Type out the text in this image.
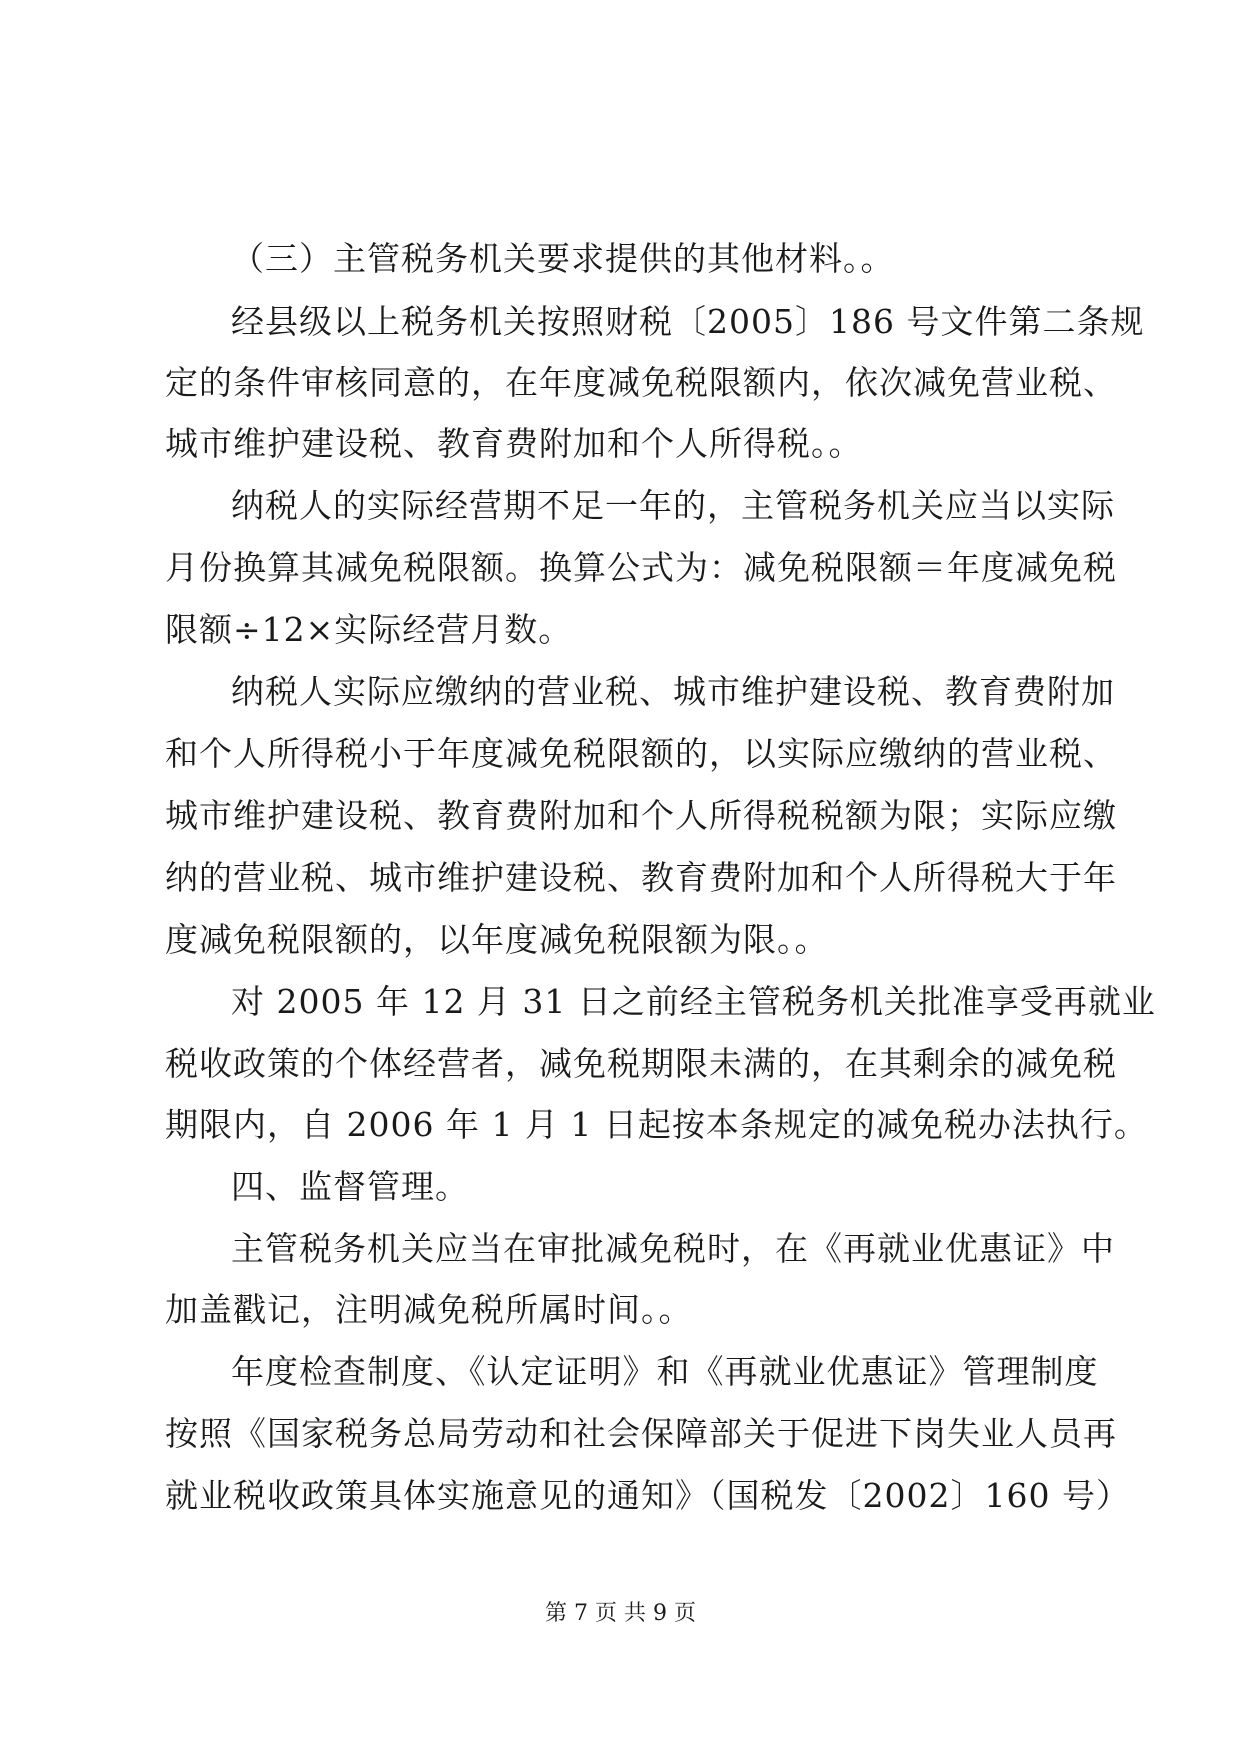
（三）主管税务机关要求提供的其他材料。。
经县级以上税务机关按照财税〔2005〕186 号文件第二条规
定的条件审核同意的，在年度减免税限额内，依次减免营业税、
城市维护建设税、教育费附加和个人所得税。。
纳税人的实际经营期不足一年的，主管税务机关应当以实际
月份换算其减免税限额。换算公式为：减免税限额＝年度减免税
限额÷12×实际经营月数。
纳税人实际应缴纳的营业税、城市维护建设税、教育费附加
和个人所得税小于年度减免税限额的，以实际应缴纳的营业税、
城市维护建设税、教育费附加和个人所得税税额为限；实际应缴
纳的营业税、城市维护建设税、教育费附加和个人所得税大于年
度减免税限额的，以年度减免税限额为限。。
对 2005 年 12 月 31 日之前经主管税务机关批准享受再就业
税收政策的个体经营者，减免税期限未满的，在其剩余的减免税
期限内，自 2006 年 1 月 1 日起按本条规定的减免税办法执行。
四、监督管理。
主管税务机关应当在审批减免税时，在《再就业优惠证》中
加盖戳记，注明减免税所属时间。。
年度检查制度、《认定证明》和《再就业优惠证》管理制度
按照《国家税务总局劳动和社会保障部关于促进下岗失业人员再
就业税收政策具体实施意见的通知》（国税发〔2002〕160 号）
第 7 页 共 9 页
